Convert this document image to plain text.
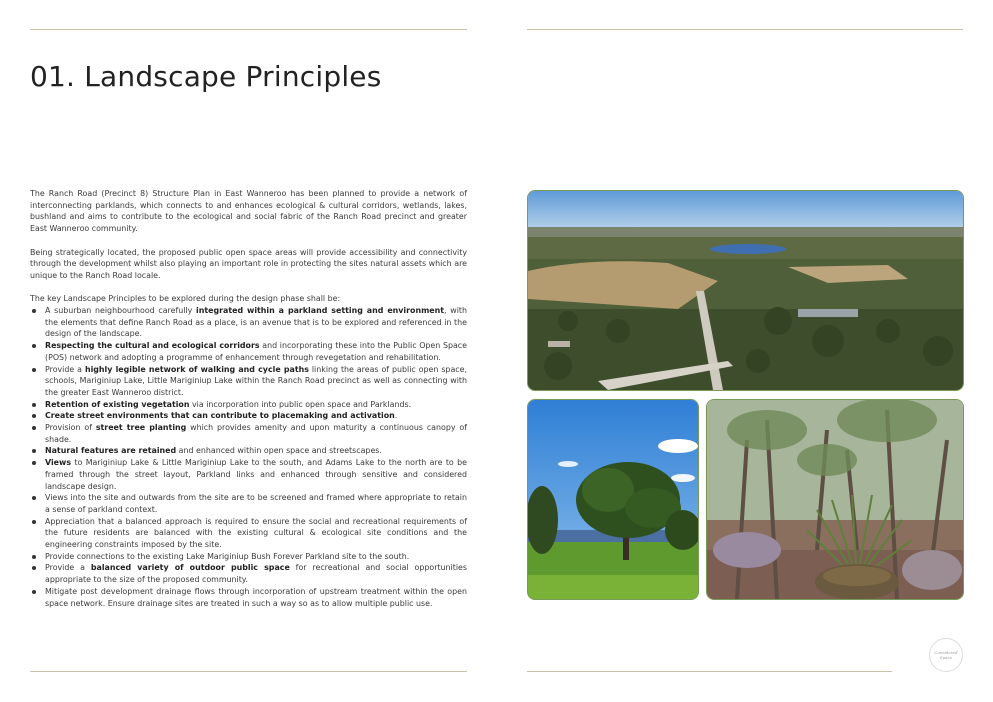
01. Landscape Principles

The Ranch Road (Precinct 8) Structure Plan in East Wanneroo has been planned to provide a network of interconnecting parklands, which connects to and enhances ecological & cultural corridors, wetlands, lakes, bushland and aims to contribute to the ecological and social fabric of the Ranch Road precinct and greater East Wanneroo community.

Being strategically located, the proposed public open space areas will provide accessibility and connectivity through the development whilst also playing an important role in protecting the sites natural assets which are unique to the Ranch Road locale.

The key Landscape Principles to be explored during the design phase shall be:

A suburban neighbourhood carefully integrated within a parkland setting and environment, with the elements that define Ranch Road as a place, is an avenue that is to be explored and referenced in the design of the landscape.
Respecting the cultural and ecological corridors and incorporating these into the Public Open Space (POS) network and adopting a programme of enhancement through revegetation and rehabilitation.
Provide a highly legible network of walking and cycle paths linking the areas of public open space, schools, Mariginiup Lake, Little Mariginiup Lake within the Ranch Road precinct as well as connecting with the greater East Wanneroo district.
Retention of existing vegetation via incorporation into public open space and Parklands.
Create street environments that can contribute to placemaking and activation.
Provision of street tree planting which provides amenity and upon maturity a continuous canopy of shade.
Natural features are retained and enhanced within open space and streetscapes.
Views to Mariginiup Lake & Little Mariginiup Lake to the south, and Adams Lake to the north are to be framed through the street layout, Parkland links and enhanced through sensitive and considered landscape design.
Views into the site and outwards from the site are to be screened and framed where appropriate to retain a sense of parkland context.
Appreciation that a balanced approach is required to ensure the social and recreational requirements of the future residents are balanced with the existing cultural & ecological site conditions and the engineering constraints imposed by the site.
Provide connections to the existing Lake Mariginiup Bush Forever Parkland site to the south.
Provide a balanced variety of outdoor public space for recreational and social opportunities appropriate to the size of the proposed community.
Mitigate post development drainage flows through incorporation of upstream treatment within the open space network. Ensure drainage sites are treated in such a way so as to allow multiple public use.
Considered
Space
